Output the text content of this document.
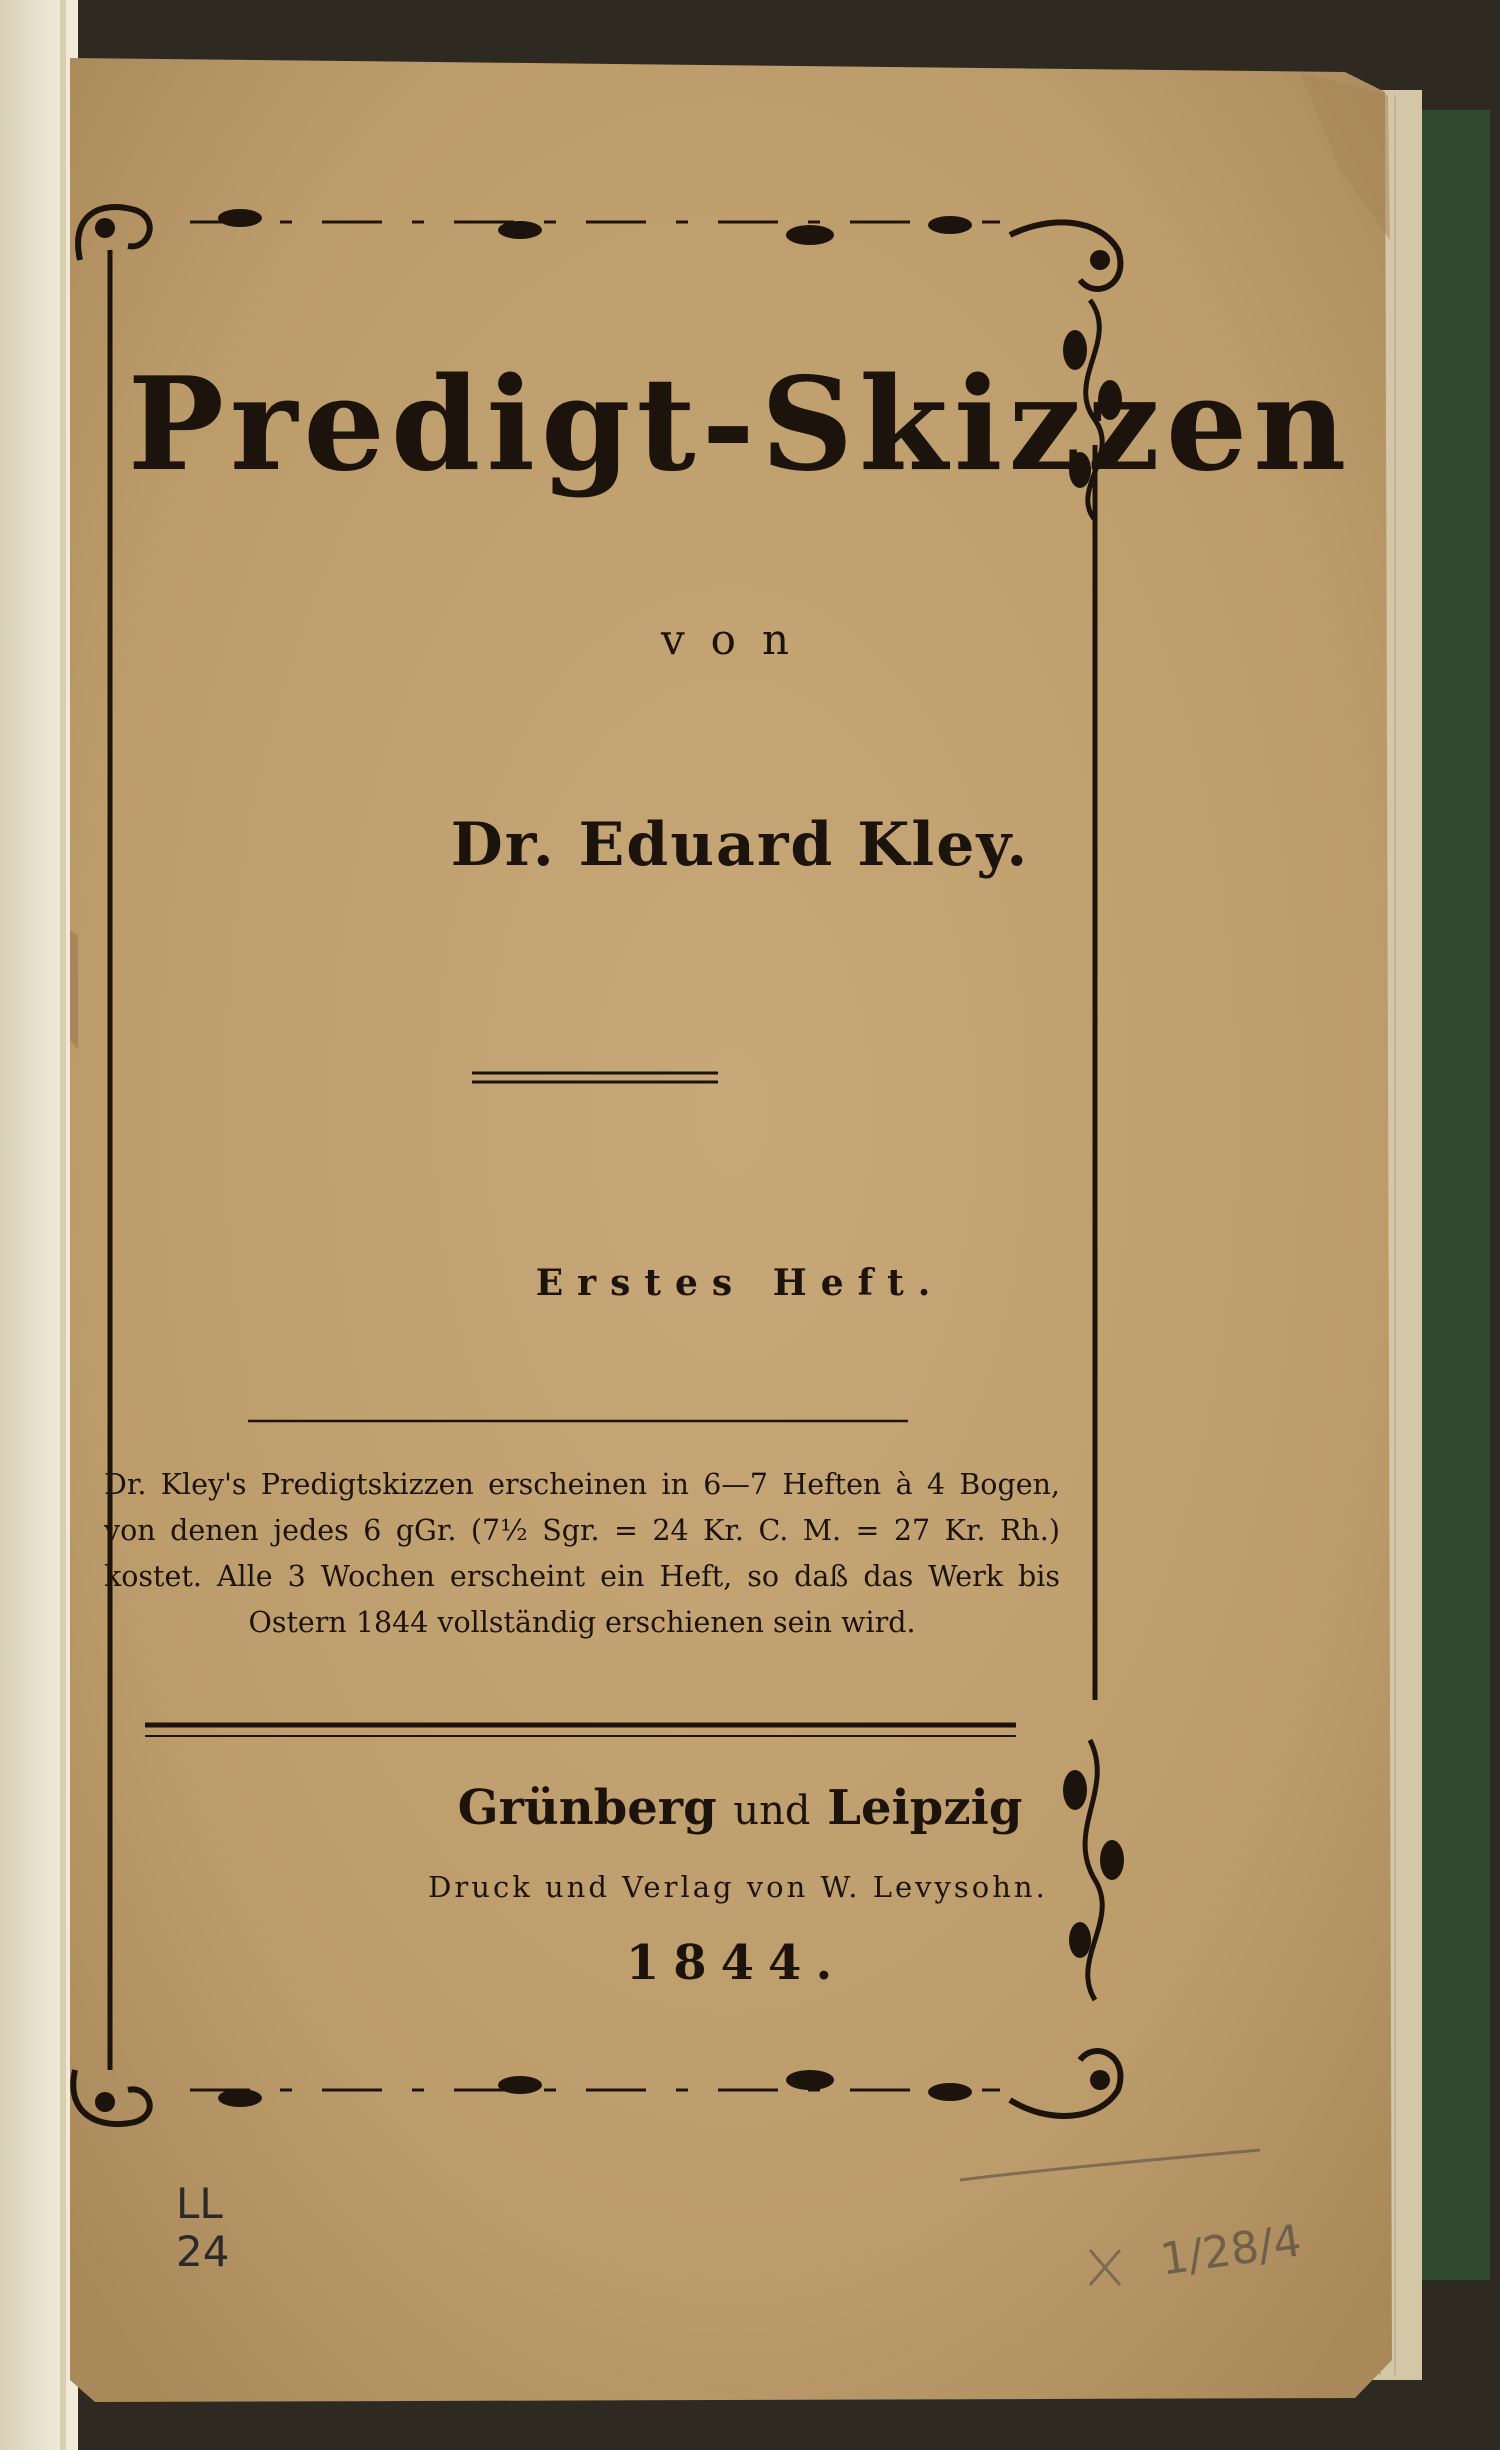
Predigt-Skizzen

von

Dr. Eduard Kley.

Erstes Heft.

Dr. Kley's Predigtskizzen erscheinen in 6—7 Heften à 4 Bogen,
von denen jedes 6 gGr. (7½ Sgr. = 24 Kr. C. M. = 27 Kr. Rh.)
kostet. Alle 3 Wochen erscheint ein Heft, so daß das Werk bis
Ostern 1844 vollständig erschienen sein wird.

Grünberg und Leipzig

Druck und Verlag von W. Levysohn.

1844.

LL
24	1/28/4
